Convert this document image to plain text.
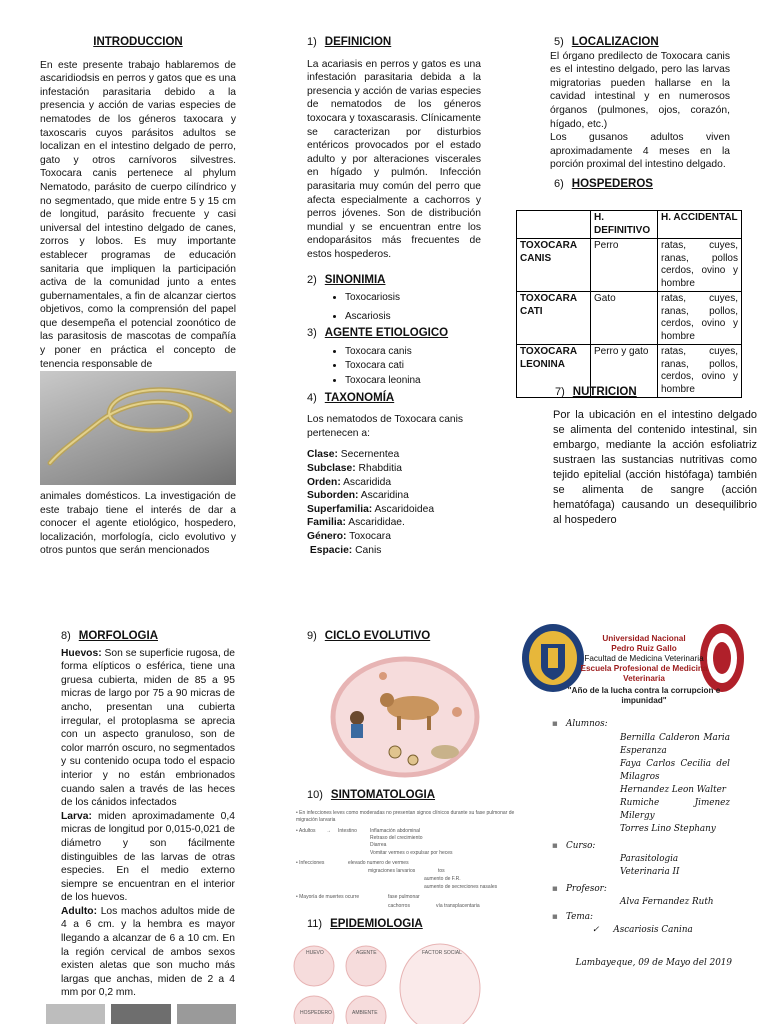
INTRODUCCION
En este presente trabajo hablaremos de ascaridiodsis en perros y gatos que es una infestación parasitaria debido a la presencia y acción de varias especies de nematodes de los géneros taxocara y taxoscaris cuyos parásitos adultos se localizan en el intestino delgado de perro, gato y otros carnívoros silvestres. Toxocara canis pertenece al phylum Nematodo, parásito de cuerpo cilíndrico y no segmentado, que mide entre 5 y 15 cm de longitud, parásito frecuente y casi universal del intestino delgado de canes, zorros y lobos. Es muy importante establecer programas de educación sanitaria que impliquen la participación activa de la comunidad junto a entes gubernamentales, a fin de alcanzar ciertos objetivos, como la comprensión del papel que desempeña el potencial zoonótico de las parasitosis de mascotas de compañía y poner en práctica el concepto de tenencia responsable de
animales domésticos. La investigación de este trabajo tiene el interés de dar a conocer el agente etiológico, hospedero, localización, morfología, ciclo evolutivo y otros puntos que serán mencionados
1) DEFINICION
La acariasis en perros y gatos es una infestación parasitaria debida a la presencia y acción de varias especies de nematodos de los géneros toxocara y toxascarasis. Clínicamente se caracterizan por disturbios entéricos provocados por el estado adulto y por alteraciones viscerales en hígado y pulmón. Infección parasitaria muy común del perro que afecta especialmente a cachorros y perros jóvenes. Son de distribución mundial y se encuentran entre los endoparásitos más frecuentes de estos hospederos.
2) SINONIMIA
• Toxocariosis
• Ascariosis
3) AGENTE ETIOLOGICO
• Toxocara canis
• Toxocara cati
• Toxocara leonina
4) TAXONOMÍA
Los nematodos de Toxocara canis pertenecen a:
Clase: Secernentea
Subclase: Rhabditia
Orden: Ascaridida
Suborden: Ascaridina
Superfamilia: Ascaridoidea
Familia: Ascarididae.
Género: Toxocara
Espacie: Canis
5) LOCALIZACION
El órgano predilecto de Toxocara canis es el intestino delgado, pero las larvas migratorias pueden hallarse en la cavidad intestinal y en numerosos órganos (pulmones, ojos, corazón, hígado, etc.)
Los gusanos adultos viven aproximadamente 4 meses en la porción proximal del intestino delgado.
6) HOSPEDEROS
	H. DEFINITIVO	H. ACCIDENTAL
TOXOCARA CANIS	Perro	ratas, cuyes, ranas, pollos cerdos, ovino y hombre
TOXOCARA CATI	Gato	ratas, cuyes, ranas, pollos, cerdos, ovino y hombre
TOXOCARA LEONINA	Perro y gato	ratas, cuyes, ranas, pollos, cerdos, ovino y hombre
7) NUTRICION
Por la ubicación en el intestino delgado se alimenta del contenido intestinal, sin embargo, mediante la acción esfoliatriz sustraen las sustancias nutritivas como tejido epitelial (acción histófaga) también se alimenta de sangre (acción hematófaga) causando un desequilibrio al hospedero
8) MORFOLOGIA
Huevos: Son se superficie rugosa, de forma elípticos o esférica, tiene una gruesa cubierta, miden de 85 a 95 micras de largo por 75 a 90 micras de ancho, presentan una cubierta irregular, el protoplasma se aprecia con un aspecto granuloso, son de color marrón oscuro, no segmentados y su contenido ocupa todo el espacio interior y no están embrionados cuando salen a través de las heces de los cánidos infectados
Larva: miden aproximadamente 0,4 micras de longitud por 0,015-0,021 de diámetro y son fácilmente distinguibles de las larvas de otras especies. En el medio externo siempre se encuentran en el interior de los huevos.
Adulto: Los machos adultos mide de 4 a 6 cm. y la hembra es mayor llegando a alcanzar de 6 a 10 cm. En la región cervical de ambos sexos existen aletas que son mucho más largas que anchas, miden de 2 a 4 mm por 0,2 mm.
9) CICLO EVOLUTIVO
10) SINTOMATOLOGIA
• En infecciones leves como moderadas no presentan signos clínicos durante su fase pulmonar de migración larvaria
• Adultos → Intestino	Inflamación abdominal
Retraso del crecimiento
Diarrea
Vomitar vermes o expulsar por heces
• Infecciones	elevado numero de vermes
migraciones larvarios	tos
aumento de F.R.
aumento de secreciones nasales
• Mayoría de muertes ocurre	fase pulmonar
cachorros	vía transplacentaria
11) EPIDEMIOLOGIA
HUEVO	AGENTE
HOSPEDERO	AMBIENTE
FACTOR SOCIAL
Universidad Nacional
Pedro Ruiz Gallo
Facultad de Medicina Veterinaria
Escuela Profesional de Medicina
Veterinaria
"Año de la lucha contra la corrupcion e impunidad"
▪ Alumnos:
Bernilla Calderon Maria Esperanza
Faya Carlos Cecilia del Milagros
Hernandez Leon Walter
Rumiche Jimenez Milergy
Torres Lino Stephany
▪ Curso:
Parasitologia Veterinaria II
▪ Profesor:
Alva Fernandez Ruth
▪ Tema:
✓ Ascariosis Canina
Lambayeque, 09 de Mayo del 2019
